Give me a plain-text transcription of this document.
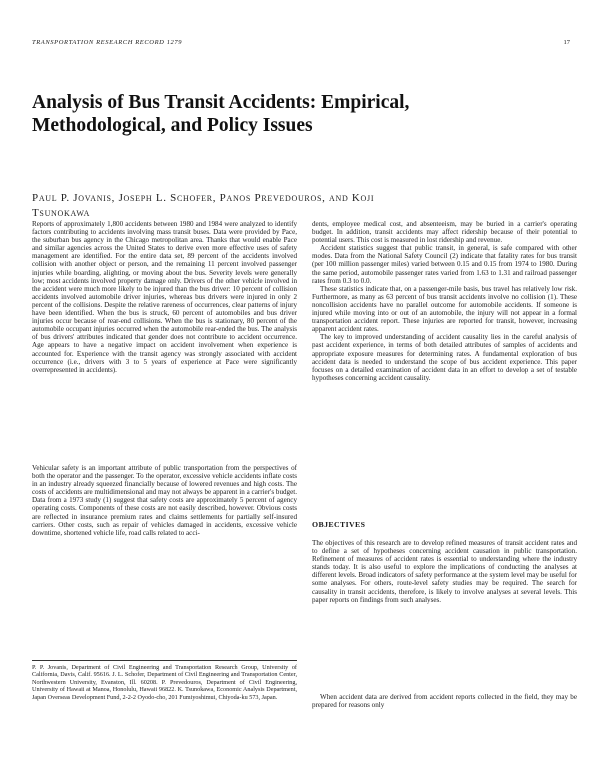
TRANSPORTATION RESEARCH RECORD 1279	17
Analysis of Bus Transit Accidents: Empirical, Methodological, and Policy Issues
Paul P. Jovanis, Joseph L. Schofer, Panos Prevedouros, and Koji Tsunokawa

Reports of approximately 1,800 accidents between 1980 and 1984 were analyzed to identify factors contributing to accidents involving mass transit buses. Data were provided by Pace, the suburban bus agency in the Chicago metropolitan area. Thanks that would enable Pace and similar agencies across the United States to derive even more effective uses of safety management are identified. For the entire data set, 89 percent of the accidents involved collision with another object or person, and the remaining 11 percent involved passenger injuries while boarding, alighting, or moving about the bus. Severity levels were generally low; most accidents involved property damage only. Drivers of the other vehicle involved in the accident were much more likely to be injured than the bus driver: 10 percent of collision accidents involved automobile driver injuries, whereas bus drivers were injured in only 2 percent of the collisions. Despite the relative rareness of occurrences, clear patterns of injury have been identified. When the bus is struck, 60 percent of automobiles and bus driver injuries occur because of rear-end collisions. When the bus is stationary, 80 percent of the automobile occupant injuries occurred when the automobile rear-ended the bus. The analysis of bus drivers' attributes indicated that gender does not contribute to accident occurrence. Age appears to have a negative impact on accident involvement when experience is accounted for. Experience with the transit agency was strongly associated with accident occurrence (i.e., drivers with 3 to 5 years of experience at Pace were significantly overrepresented in accidents).

Vehicular safety is an important attribute of public transportation from the perspectives of both the operator and the passenger. To the operator, excessive vehicle accidents inflate costs in an industry already squeezed financially because of lowered revenues and high costs. The costs of accidents are multidimensional and may not always be apparent in a carrier's budget. Data from a 1973 study (1) suggest that safety costs are approximately 5 percent of agency operating costs. Components of these costs are not easily described, however. Obvious costs are reflected in insurance premium rates and claims settlements for partially self-insured carriers. Other costs, such as repair of vehicles damaged in accidents, excessive vehicle downtime, shortened vehicle life, road calls related to acci-

P. P. Jovanis, Department of Civil Engineering and Transportation Research Group, University of California, Davis, Calif. 95616. J. L. Schofer, Department of Civil Engineering and Transportation Center, Northwestern University, Evanston, Ill. 60208. P. Prevedouros, Department of Civil Engineering, University of Hawaii at Manoa, Honolulu, Hawaii 96822. K. Tsunokawa, Economic Analysis Department, Japan Overseas Development Fund, 2-2-2 Oyodo-cho, 201 Fumiyoshimui, Chiyoda-ku 573, Japan.

dents, employee medical cost, and absenteeism, may be buried in a carrier's operating budget. In addition, transit accidents may affect ridership because of their potential to potential users. This cost is measured in lost ridership and revenue.

Accident statistics suggest that public transit, in general, is safe compared with other modes. Data from the National Safety Council (2) indicate that fatality rates for bus transit (per 100 million passenger miles) varied between 0.15 and 0.15 from 1974 to 1980. During the same period, automobile passenger rates varied from 1.63 to 1.31 and railroad passenger rates from 0.3 to 0.0.

These statistics indicate that, on a passenger-mile basis, bus travel has relatively low risk. Furthermore, as many as 63 percent of bus transit accidents involve no collision (1). These noncollision accidents have no parallel outcome for automobile accidents. If someone is injured while moving into or out of an automobile, the injury will not appear in a formal transportation accident report. These injuries are reported for transit, however, increasing apparent accident rates.

The key to improved understanding of accident causality lies in the careful analysis of past accident experience, in terms of both detailed attributes of samples of accidents and appropriate exposure measures for determining rates. A fundamental exploration of bus accident data is needed to understand the scope of bus accident experience. This paper focuses on a detailed examination of accident data in an effort to develop a set of testable hypotheses concerning accident causality.

OBJECTIVES

The objectives of this research are to develop refined measures of transit accident rates and to define a set of hypotheses concerning accident causation in public transportation. Refinement of measures of accident rates is essential to understanding where the industry stands today. It is also useful to explore the implications of conducting the analyses at different levels. Broad indicators of safety performance at the system level may be useful for some analyses. For others, route-level safety studies may be required. The search for causality in transit accidents, therefore, is likely to involve analyses at several levels. This paper reports on findings from such analyses.

When accident data are derived from accident reports collected in the field, they may be prepared for reasons only
